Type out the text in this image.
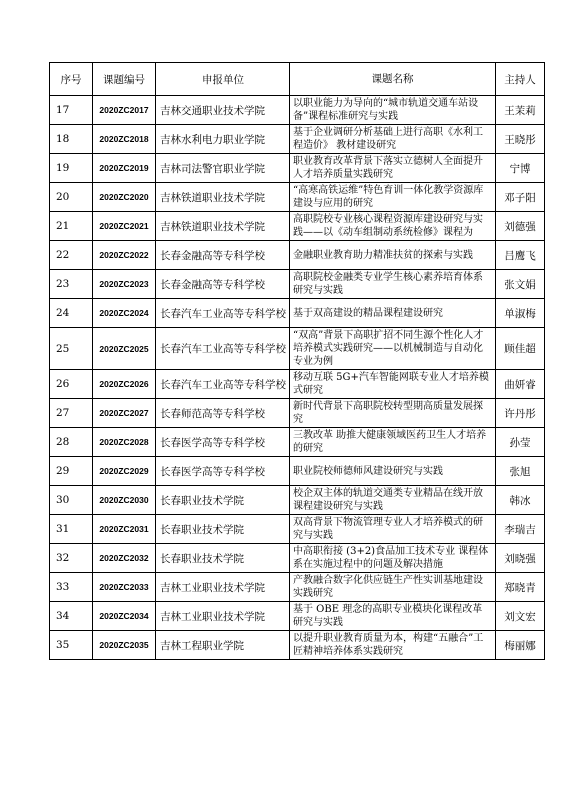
序号	课题编号	申报单位	课题名称	主持人
17	2020ZC2017	吉林交通职业技术学院	以职业能力为导向的“城市轨道交通车站设备”课程标准研究与实践	王茉莉
18	2020ZC2018	吉林水利电力职业学院	基于企业调研分析基础上进行高职《水利工程造价》 教材建设研究	王晓彤
19	2020ZC2019	吉林司法警官职业学院	职业教育改革背景下落实立德树人全面提升人才培养质量实践研究	宁博
20	2020ZC2020	吉林铁道职业技术学院	“高寒高铁运维”特色育训一体化教学资源库建设与应用的研究	邓子阳
21	2020ZC2021	吉林铁道职业技术学院	高职院校专业核心课程资源库建设研究与实践——以《动车组制动系统检修》课程为	刘德强
22	2020ZC2022	长春金融高等专科学校	金融职业教育助力精准扶贫的探索与实践	吕鹰飞
23	2020ZC2023	长春金融高等专科学校	高职院校金融类专业学生核心素养培育体系研究与实践	张文娟
24	2020ZC2024	长春汽车工业高等专科学校	基于双高建设的精品课程建设研究	单淑梅
25	2020ZC2025	长春汽车工业高等专科学校	“双高”背景下高职扩招不同生源个性化人才培养模式实践研究——以机械制造与自动化专业为例	顾佳超
26	2020ZC2026	长春汽车工业高等专科学校	移动互联 5G+汽车智能网联专业人才培养模式研究	曲妍睿
27	2020ZC2027	长春师范高等专科学校	新时代背景下高职院校转型期高质量发展探究	许丹彤
28	2020ZC2028	长春医学高等专科学校	三教改革 助推大健康领域医药卫生人才培养的研究	孙莹
29	2020ZC2029	长春医学高等专科学校	职业院校师德师风建设研究与实践	张旭
30	2020ZC2030	长春职业技术学院	校企双主体的轨道交通类专业精品在线开放课程建设研究与实践	韩冰
31	2020ZC2031	长春职业技术学院	双高背景下物流管理专业人才培养模式的研究与实践	李瑞吉
32	2020ZC2032	长春职业技术学院	中高职衔接 (3+2)食品加工技术专业 课程体系在实施过程中的问题及解决措施	刘晓强
33	2020ZC2033	吉林工业职业技术学院	产教融合数字化供应链生产性实训基地建设实践研究	郑晓青
34	2020ZC2034	吉林工业职业技术学院	基于 OBE 理念的高职专业模块化课程改革研究与实践	刘文宏
35	2020ZC2035	吉林工程职业学院	以提升职业教育质量为本，构建“五融合”工匠精神培养体系实践研究	梅丽娜
